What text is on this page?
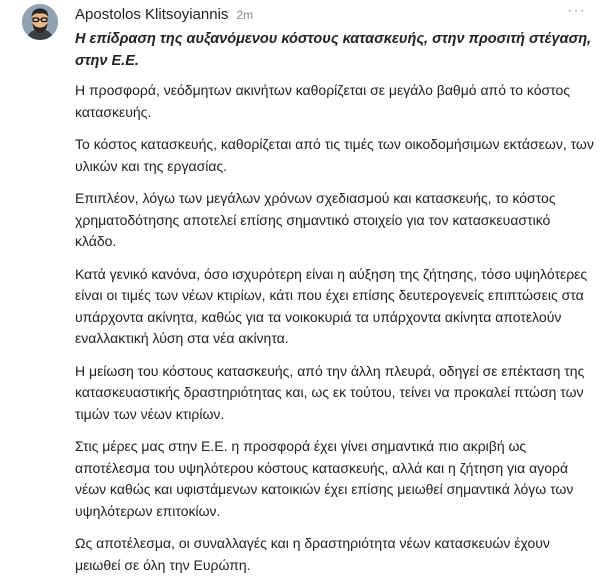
Apostolos Klitsoyiannis 2m	···
Η επίδραση της αυξανόμενου κόστους κατασκευής, στην προσιτή στέγαση, στην Ε.Ε.

Η προσφορά, νεόδμητων ακινήτων καθορίζεται σε μεγάλο βαθμό από το κόστος κατασκευής.

Το κόστος κατασκευής, καθορίζεται από τις τιμές των οικοδομήσιμων εκτάσεων, των υλικών και της εργασίας.

Επιπλέον, λόγω των μεγάλων χρόνων σχεδιασμού και κατασκευής, το κόστος χρηματοδότησης αποτελεί επίσης σημαντικό στοιχείο για τον κατασκευαστικό κλάδο.

Κατά γενικό κανόνα, όσο ισχυρότερη είναι η αύξηση της ζήτησης, τόσο υψηλότερες είναι οι τιμές των νέων κτιρίων, κάτι που έχει επίσης δευτερογενείς επιπτώσεις στα υπάρχοντα ακίνητα, καθώς για τα νοικοκυριά τα υπάρχοντα ακίνητα αποτελούν εναλλακτική λύση στα νέα ακίνητα.

Η μείωση του κόστους κατασκευής, από την άλλη πλευρά, οδηγεί σε επέκταση της κατασκευαστικής δραστηριότητας και, ως εκ τούτου, τείνει να προκαλεί πτώση των τιμών των νέων κτιρίων.

Στις μέρες μας στην Ε.Ε. η προσφορά έχει γίνει σημαντικά πιο ακριβή ως αποτέλεσμα του υψηλότερου κόστους κατασκευής, αλλά και η ζήτηση για αγορά νέων καθώς και υφιστάμενων κατοικιών έχει επίσης μειωθεί σημαντικά λόγω των υψηλότερων επιτοκίων.

Ως αποτέλεσμα, οι συναλλαγές και η δραστηριότητα νέων κατασκευών έχουν μειωθεί σε όλη την Ευρώπη.
